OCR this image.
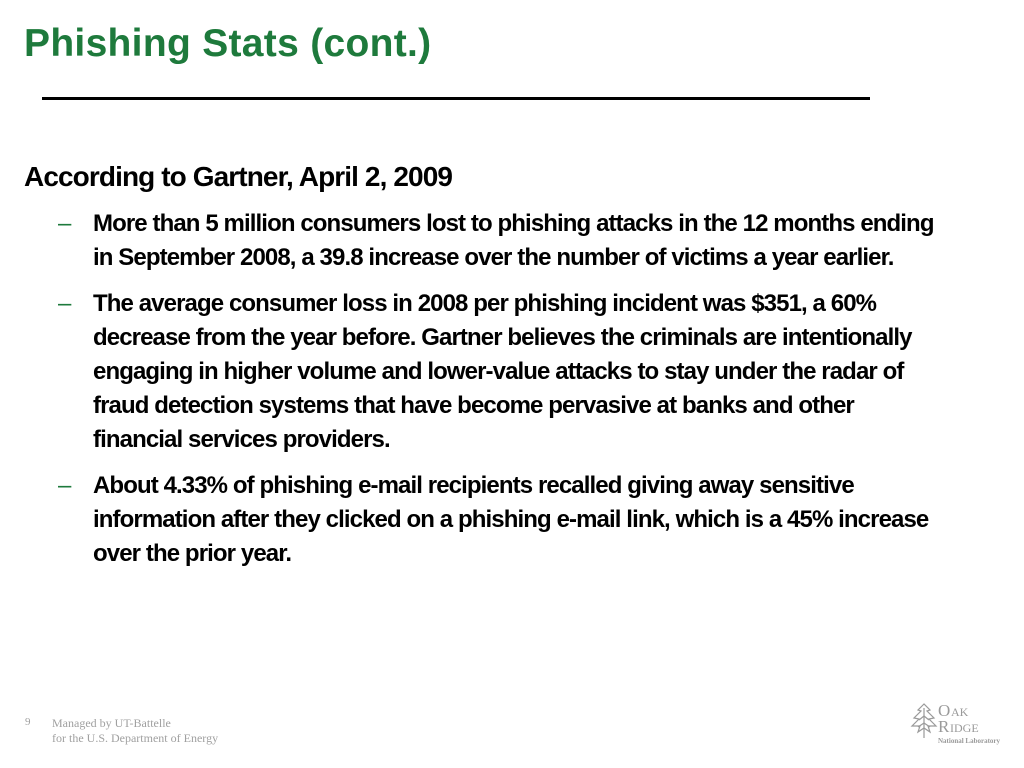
Phishing Stats (cont.)
According to Gartner, April 2, 2009
– More than 5 million consumers lost to phishing attacks in the 12 months ending in September 2008, a 39.8 increase over the number of victims a year earlier.
– The average consumer loss in 2008 per phishing incident was $351, a 60% decrease from the year before. Gartner believes the criminals are intentionally engaging in higher volume and lower-value attacks to stay under the radar of fraud detection systems that have become pervasive at banks and other financial services providers.
– About 4.33% of phishing e-mail recipients recalled giving away sensitive information after they clicked on a phishing e-mail link, which is a 45% increase over the prior year.
9 Managed by UT-Battelle
for the U.S. Department of Energy
O AK
R IDGE
National Laboratory
